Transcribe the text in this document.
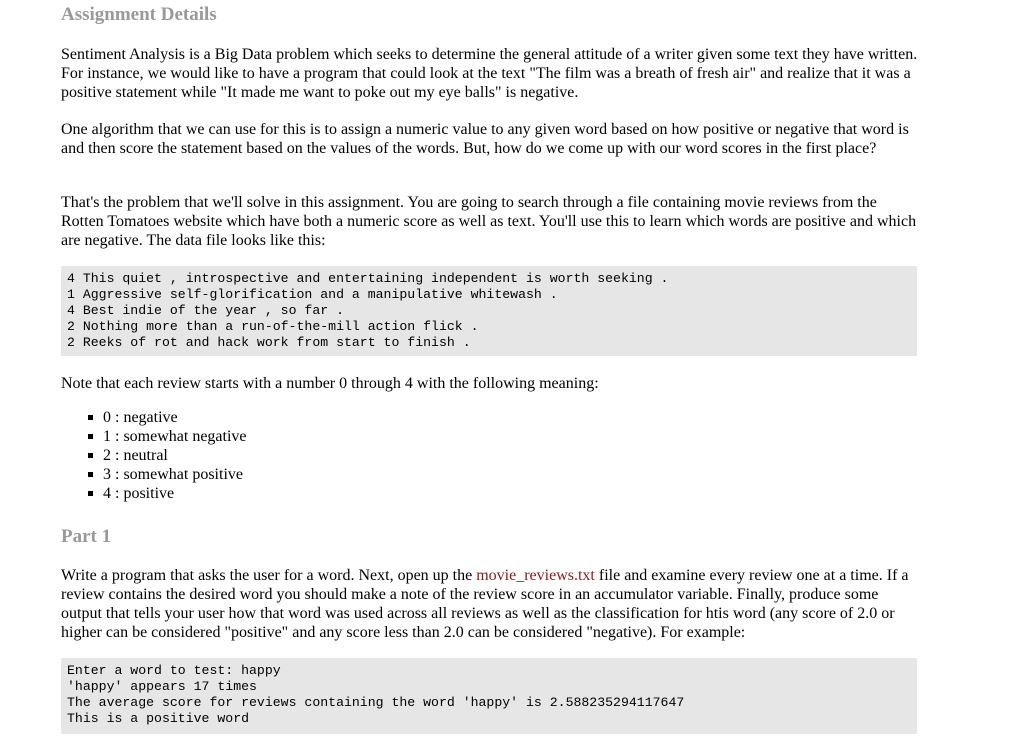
Assignment Details

Sentiment Analysis is a Big Data problem which seeks to determine the general attitude of a writer given some text they have written. For instance, we would like to have a program that could look at the text "The film was a breath of fresh air" and realize that it was a positive statement while "It made me want to poke out my eye balls" is negative.

One algorithm that we can use for this is to assign a numeric value to any given word based on how positive or negative that word is and then score the statement based on the values of the words. But, how do we come up with our word scores in the first place?

That's the problem that we'll solve in this assignment. You are going to search through a file containing movie reviews from the Rotten Tomatoes website which have both a numeric score as well as text. You'll use this to learn which words are positive and which are negative. The data file looks like this:

4 This quiet , introspective and entertaining independent is worth seeking .
1 Aggressive self-glorification and a manipulative whitewash .
4 Best indie of the year , so far .
2 Nothing more than a run-of-the-mill action flick .
2 Reeks of rot and hack work from start to finish .

Note that each review starts with a number 0 through 4 with the following meaning:

0 : negative
1 : somewhat negative
2 : neutral
3 : somewhat positive
4 : positive
Part 1

Write a program that asks the user for a word. Next, open up the movie_reviews.txt file and examine every review one at a time. If a review contains the desired word you should make a note of the review score in an accumulator variable. Finally, produce some output that tells your user how that word was used across all reviews as well as the classification for htis word (any score of 2.0 or higher can be considered "positive" and any score less than 2.0 can be considered "negative). For example:

Enter a word to test: happy
'happy' appears 17 times
The average score for reviews containing the word 'happy' is 2.588235294117647
This is a positive word
